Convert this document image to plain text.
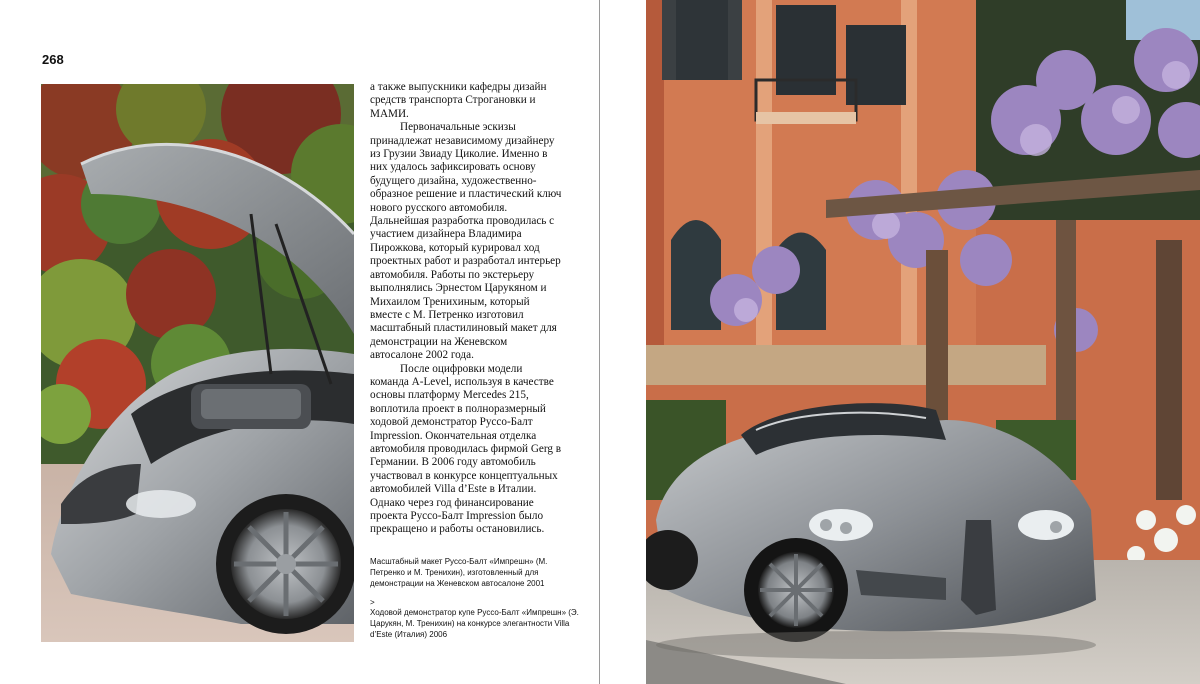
268

а также выпускники кафедры дизайн средств транспорта Строгановки и МАМИ.

Первоначальные эскизы принадлежат независимому дизайнеру из Грузии Звиаду Циколие. Именно в них удалось зафиксировать основу будущего дизайна, художественно-образное решение и пластический ключ нового русского автомобиля. Дальнейшая разработка проводилась с участием дизайнера Владимира Пирожкова, который курировал ход проектных работ и разработал интерьер автомобиля. Работы по экстерьеру выполнялись Эрнестом Царукяном и Михаилом Тренихиным, который вместе с М. Петренко изготовил масштабный пластилиновый макет для демонстрации на Женевском автосалоне 2002 года.

После оцифровки модели команда A-Level, используя в качестве основы платформу Mercedes 215, воплотила проект в полноразмерный ходовой демонстратор Руссо-Балт Impression. Окончательная отделка автомобиля проводилась фирмой Gerg в Германии. В 2006 году автомобиль участвовал в конкурсе концептуальных автомобилей Villa d’Este в Италии. Однако через год финансирование проекта Руссо-Балт Impression было прекращено и работы остановились.

Масштабный макет Руссо-Балт «Импрешн» (М. Петренко и М. Тренихин), изготовленный для демонстрации на Женевском автосалоне 2001

>

Ходовой демонстратор купе Руссо-Балт «Импрешн» (Э. Царукян, М. Тренихин) на конкурсе элегантности Villa d’Este (Италия) 2006
